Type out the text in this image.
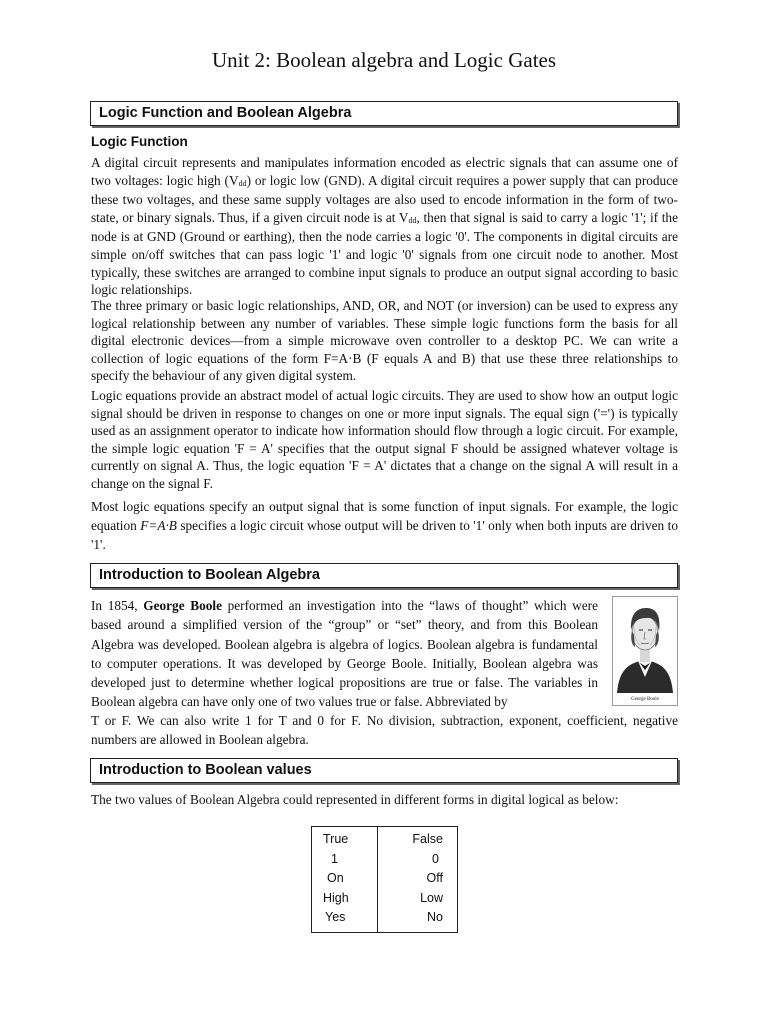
Unit 2: Boolean algebra and Logic Gates
Logic Function and Boolean Algebra
Logic Function
A digital circuit represents and manipulates information encoded as electric signals that can assume one of two voltages: logic high $(V_{dd})$ or logic low (GND). A digital circuit requires a power supply that can produce these two voltages, and these same supply voltages are also used to encode information in the form of two-state, or binary signals. Thus, if a given circuit node is at $V_{dd}$, then that signal is said to carry a logic '1'; if the node is at GND (Ground or earthing), then the node carries a logic '0'. The components in digital circuits are simple on/off switches that can pass logic '1' and logic '0' signals from one circuit node to another. Most typically, these switches are arranged to combine input signals to produce an output signal according to basic logic relationships.
The three primary or basic logic relationships, AND, OR, and NOT (or inversion) can be used to express any logical relationship between any number of variables. These simple logic functions form the basis for all digital electronic devices—from a simple microwave oven controller to a desktop PC. We can write a collection of logic equations of the form F=A·B (F equals A and B) that use these three relationships to specify the behaviour of any given digital system.
Logic equations provide an abstract model of actual logic circuits. They are used to show how an output logic signal should be driven in response to changes on one or more input signals. The equal sign ('=') is typically used as an assignment operator to indicate how information should flow through a logic circuit. For example, the simple logic equation 'F = A' specifies that the output signal F should be assigned whatever voltage is currently on signal A. Thus, the logic equation 'F = A' dictates that a change on the signal A will result in a change on the signal F.
Most logic equations specify an output signal that is some function of input signals. For example, the logic equation F=A·B specifies a logic circuit whose output will be driven to '1' only when both inputs are driven to '1'.
Introduction to Boolean Algebra
In 1854, George Boole performed an investigation into the “laws of thought” which were based around a simplified version of the “group” or “set” theory, and from this Boolean Algebra was developed. Boolean algebra is algebra of logics. Boolean algebra is fundamental to computer operations. It was developed by George Boole. Initially, Boolean algebra was developed just to determine whether logical propositions are true or false. The variables in Boolean algebra can have only one of two values true or false. Abbreviated by
T or F. We can also write 1 for T and 0 for F. No division, subtraction, exponent, coefficient, negative numbers are allowed in Boolean algebra.
George Boole
Introduction to Boolean values
The two values of Boolean Algebra could represented in different forms in digital logical as below:
True	False
1	0
On	Off
High	Low
Yes	No
